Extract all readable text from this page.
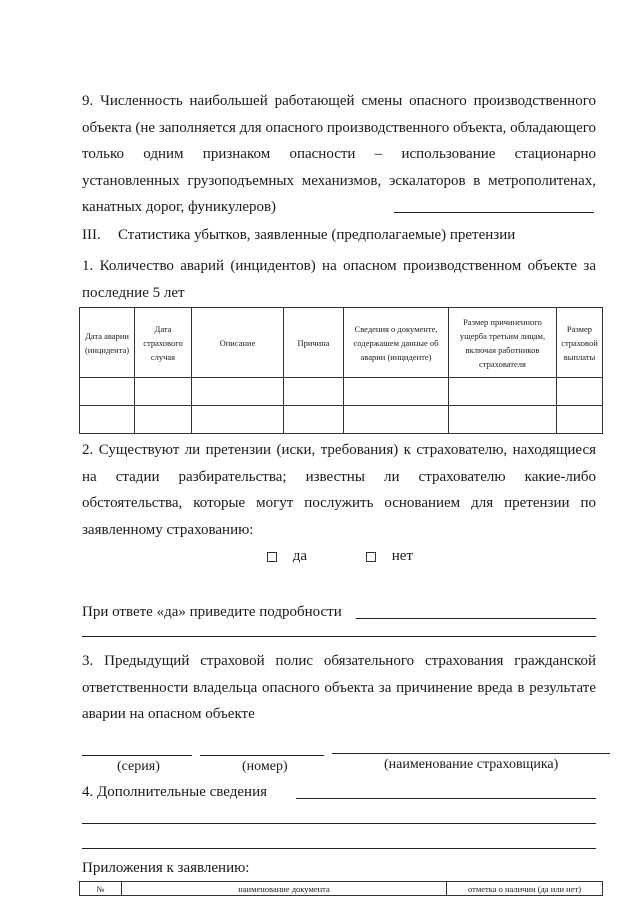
9. Численность наибольшей работающей смены опасного производственного объекта (не заполняется для опасного производственного объекта, обладающего только одним признаком опасности – использование стационарно установленных грузоподъемных механизмов, эскалаторов в метрополитенах, канатных дорог, фуникулеров)
III. Статистика убытков, заявленные (предполагаемые) претензии
1. Количество аварий (инцидентов) на опасном производственном объекте за последние 5 лет
Дата аварии (инцидента)	Дата страхового случая	Описание	Причина	Сведения о документе, содержашем данные об аварии (инциденте)	Размер причиненного ущерба третьим лицам, включая работников страхователя	Размер страховой выплаты

2. Существуют ли претензии (иски, требования) к страхователю, находящиеся на стадии разбирательства; известны ли страхователю какие-либо обстоятельства, которые могут послужить основанием для претензии по заявленному страхованию:
да	нет
При ответе «да» приведите подробности
3. Предыдущий страховой полис обязательного страхования гражданской ответственности владельца опасного объекта за причинение вреда в результате аварии на опасном объекте
(серия)	(номер)	(наименование страховщика)
4. Дополнительные сведения
Приложения к заявлению:
№	наименование документа	отметка о наличии (да или нет)
